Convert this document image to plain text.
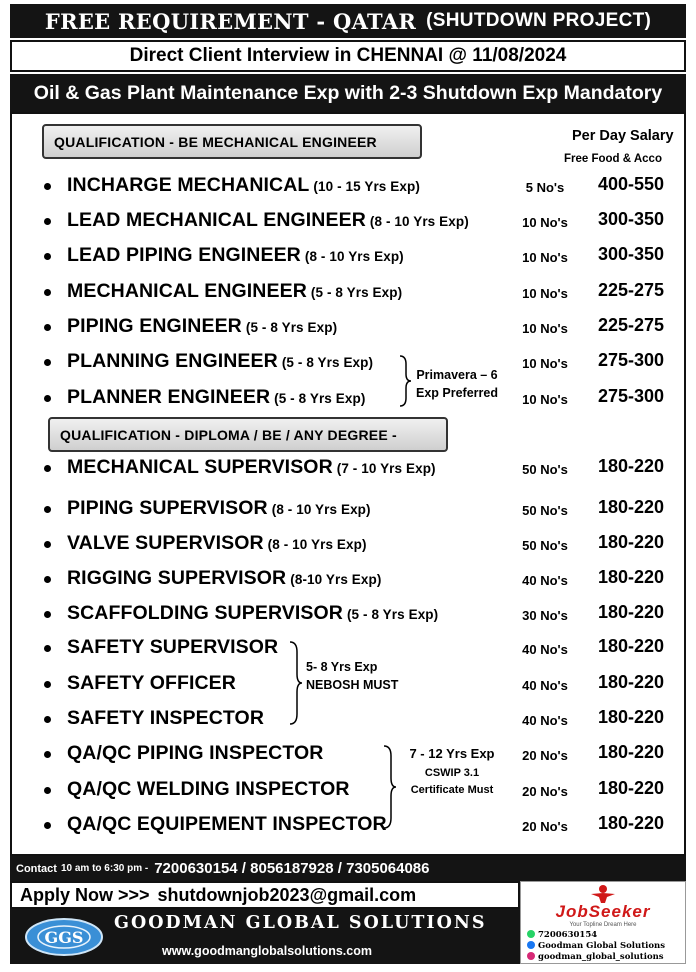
FREE REQUIREMENT - QATAR (SHUTDOWN PROJECT)
Direct Client Interview in CHENNAI @ 11/08/2024
Oil & Gas Plant Maintenance Exp with 2-3 Shutdown Exp Mandatory
Per Day Salary
Free Food & Acco
QUALIFICATION - BE MECHANICAL ENGINEER
QUALIFICATION - DIPLOMA / BE / ANY DEGREE -
INCHARGE MECHANICAL (10 - 15 Yrs Exp)	5 No's	400-550
LEAD MECHANICAL ENGINEER (8 - 10 Yrs Exp)	10 No's	300-350
LEAD PIPING ENGINEER (8 - 10 Yrs Exp)	10 No's	300-350
MECHANICAL ENGINEER (5 - 8 Yrs Exp)	10 No's	225-275
PIPING ENGINEER (5 - 8 Yrs Exp)	10 No's	225-275
PLANNING ENGINEER (5 - 8 Yrs Exp)	10 No's	275-300
PLANNER ENGINEER (5 - 8 Yrs Exp)	10 No's	275-300
MECHANICAL SUPERVISOR (7 - 10 Yrs Exp)	50 No's	180-220
PIPING SUPERVISOR (8 - 10 Yrs Exp)	50 No's	180-220
VALVE SUPERVISOR (8 - 10 Yrs Exp)	50 No's	180-220
RIGGING SUPERVISOR (8-10 Yrs Exp)	40 No's	180-220
SCAFFOLDING SUPERVISOR (5 - 8 Yrs Exp)	30 No's	180-220
SAFETY SUPERVISOR	40 No's	180-220
SAFETY OFFICER	40 No's	180-220
SAFETY INSPECTOR	40 No's	180-220
QA/QC PIPING INSPECTOR	20 No's	180-220
QA/QC WELDING INSPECTOR	20 No's	180-220
QA/QC EQUIPEMENT INSPECTOR	20 No's	180-220
Primavera – 6
Exp Preferred
5- 8 Yrs Exp
NEBOSH MUST
7 - 12 Yrs Exp
CSWIP 3.1
Certificate Must
Contact 10 am to 6:30 pm - 7200630154 / 8056187928 / 7305064086
Apply Now >>> shutdownjob2023@gmail.com
GGS
GOODMAN GLOBAL SOLUTIONS
www.goodmanglobalsolutions.com
JobSeeker
Your Topline Dream Here
7200630154
Goodman Global Solutions
goodman_global_solutions
